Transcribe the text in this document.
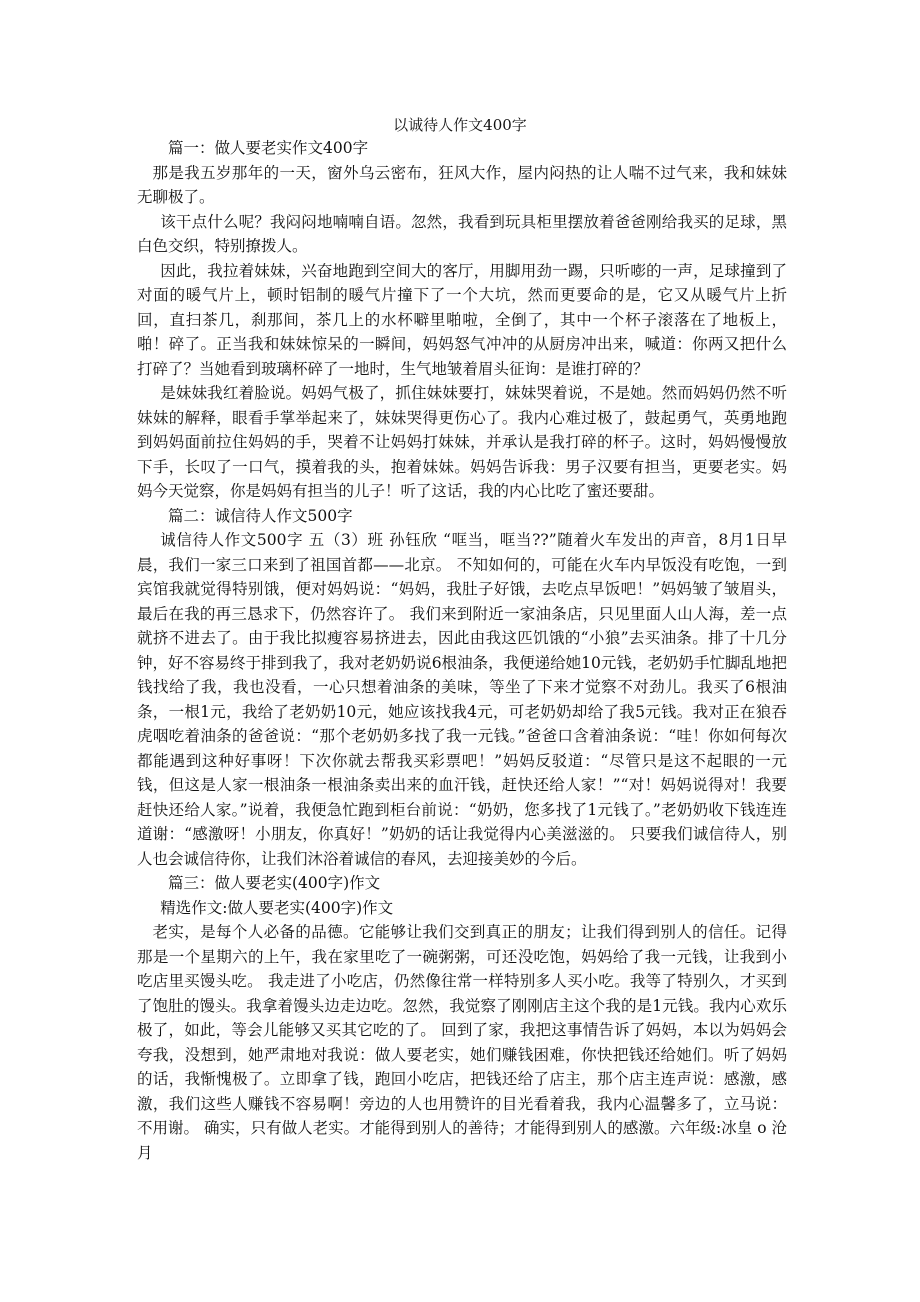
以诚待人作文400字

篇一：做人要老实作文400字

那是我五岁那年的一天，窗外乌云密布，狂风大作，屋内闷热的让人喘不过气来，我和妹妹无聊极了。

该干点什么呢？我闷闷地喃喃自语。忽然，我看到玩具柜里摆放着爸爸刚给我买的足球，黑白色交织，特别撩拨人。

因此，我拉着妹妹，兴奋地跑到空间大的客厅，用脚用劲一踢，只听嘭的一声，足球撞到了对面的暖气片上，顿时铝制的暖气片撞下了一个大坑，然而更要命的是，它又从暖气片上折回，直扫茶几，刹那间，茶几上的水杯噼里啪啦，全倒了，其中一个杯子滚落在了地板上，啪！碎了。正当我和妹妹惊呆的一瞬间，妈妈怒气冲冲的从厨房冲出来，喊道：你两又把什么打碎了？当她看到玻璃杯碎了一地时，生气地皱着眉头征询：是谁打碎的？

是妹妹我红着脸说。妈妈气极了，抓住妹妹要打，妹妹哭着说，不是她。然而妈妈仍然不听妹妹的解释，眼看手掌举起来了，妹妹哭得更伤心了。我内心难过极了，鼓起勇气，英勇地跑到妈妈面前拉住妈妈的手，哭着不让妈妈打妹妹，并承认是我打碎的杯子。这时，妈妈慢慢放下手，长叹了一口气，摸着我的头，抱着妹妹。妈妈告诉我：男子汉要有担当，更要老实。妈妈今天觉察，你是妈妈有担当的儿子！听了这话，我的内心比吃了蜜还要甜。

篇二：诚信待人作文500字

诚信待人作文500字 五（3）班 孙钰欣 “哐当，哐当??”随着火车发出的声音，8月1日早晨，我们一家三口来到了祖国首都——北京。 不知如何的，可能在火车内早饭没有吃饱，一到宾馆我就觉得特别饿，便对妈妈说：“妈妈，我肚子好饿，去吃点早饭吧！”妈妈皱了皱眉头，最后在我的再三恳求下，仍然容许了。 我们来到附近一家油条店，只见里面人山人海，差一点就挤不进去了。由于我比拟瘦容易挤进去，因此由我这匹饥饿的“小狼”去买油条。排了十几分钟，好不容易终于排到我了，我对老奶奶说6根油条，我便递给她10元钱，老奶奶手忙脚乱地把钱找给了我，我也没看，一心只想着油条的美味，等坐了下来才觉察不对劲儿。我买了6根油条，一根1元，我给了老奶奶10元，她应该找我4元，可老奶奶却给了我5元钱。我对正在狼吞虎咽吃着油条的爸爸说：“那个老奶奶多找了我一元钱。”爸爸口含着油条说：“哇！你如何每次都能遇到这种好事呀！下次你就去帮我买彩票吧！”妈妈反驳道：“尽管只是这不起眼的一元钱，但这是人家一根油条一根油条卖出来的血汗钱，赶快还给人家！”“对！妈妈说得对！我要赶快还给人家。”说着，我便急忙跑到柜台前说：“奶奶，您多找了1元钱了。”老奶奶收下钱连连道谢：“感激呀！小朋友，你真好！”奶奶的话让我觉得内心美滋滋的。 只要我们诚信待人，别人也会诚信待你，让我们沐浴着诚信的春风，去迎接美妙的今后。

篇三：做人要老实(400字)作文

精选作文:做人要老实(400字)作文

老实，是每个人必备的品德。它能够让我们交到真正的朋友；让我们得到别人的信任。记得那是一个星期六的上午，我在家里吃了一碗粥粥，可还没吃饱，妈妈给了我一元钱，让我到小吃店里买馒头吃。 我走进了小吃店，仍然像往常一样特别多人买小吃。我等了特别久，才买到了饱肚的馒头。我拿着馒头边走边吃。忽然，我觉察了刚刚店主这个我的是1元钱。我内心欢乐极了，如此，等会儿能够又买其它吃的了。 回到了家，我把这事情告诉了妈妈，本以为妈妈会夸我，没想到，她严肃地对我说：做人要老实，她们赚钱困难，你快把钱还给她们。听了妈妈的话，我惭愧极了。立即拿了钱，跑回小吃店，把钱还给了店主，那个店主连声说：感激，感激，我们这些人赚钱不容易啊！旁边的人也用赞许的目光看着我，我内心温馨多了，立马说：不用谢。 确实，只有做人老实。才能得到别人的善待；才能得到别人的感激。六年级:冰皇 o 沧月
